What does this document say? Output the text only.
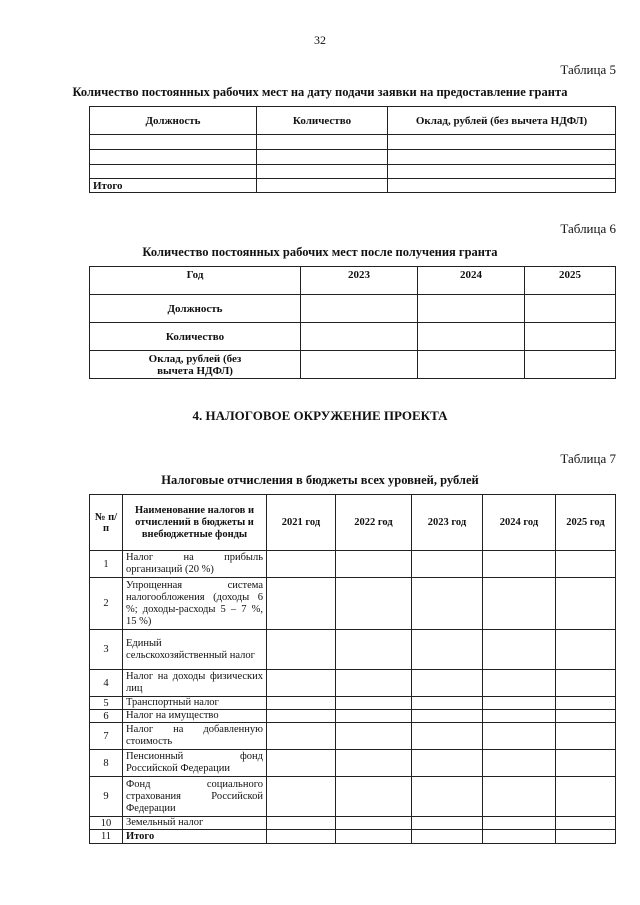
32
Таблица 5
Количество постоянных рабочих мест на дату подачи заявки на предоставление гранта
Должность	Количество	Оклад, рублей (без вычета НДФЛ)

Итого		
Таблица 6
Количество постоянных рабочих мест после получения гранта
Год	2023	2024	2025
Должность			
Количество			
Оклад, рублей (без вычета НДФЛ)			
4. НАЛОГОВОЕ ОКРУЖЕНИЕ ПРОЕКТА
Таблица 7
Налоговые отчисления в бюджеты всех уровней, рублей
№ п/п	Наименование налогов и отчислений в бюджеты и внебюджетные фонды	2021 год	2022 год	2023 год	2024 год	2025 год
1	Налог на прибыль организаций (20 %)					
2	Упрощенная система налогообложения (доходы 6 %; доходы-расходы 5 – 7 %, 15 %)					
3	Единый сельскохозяйственный налог					
4	Налог на доходы физических лиц					
5	Транспортный налог					
6	Налог на имущество					
7	Налог на добавленную стоимость					
8	Пенсионный фонд Российской Федерации					
9	Фонд социального страхования Российской Федерации					
10	Земельный налог					
11	Итого					
